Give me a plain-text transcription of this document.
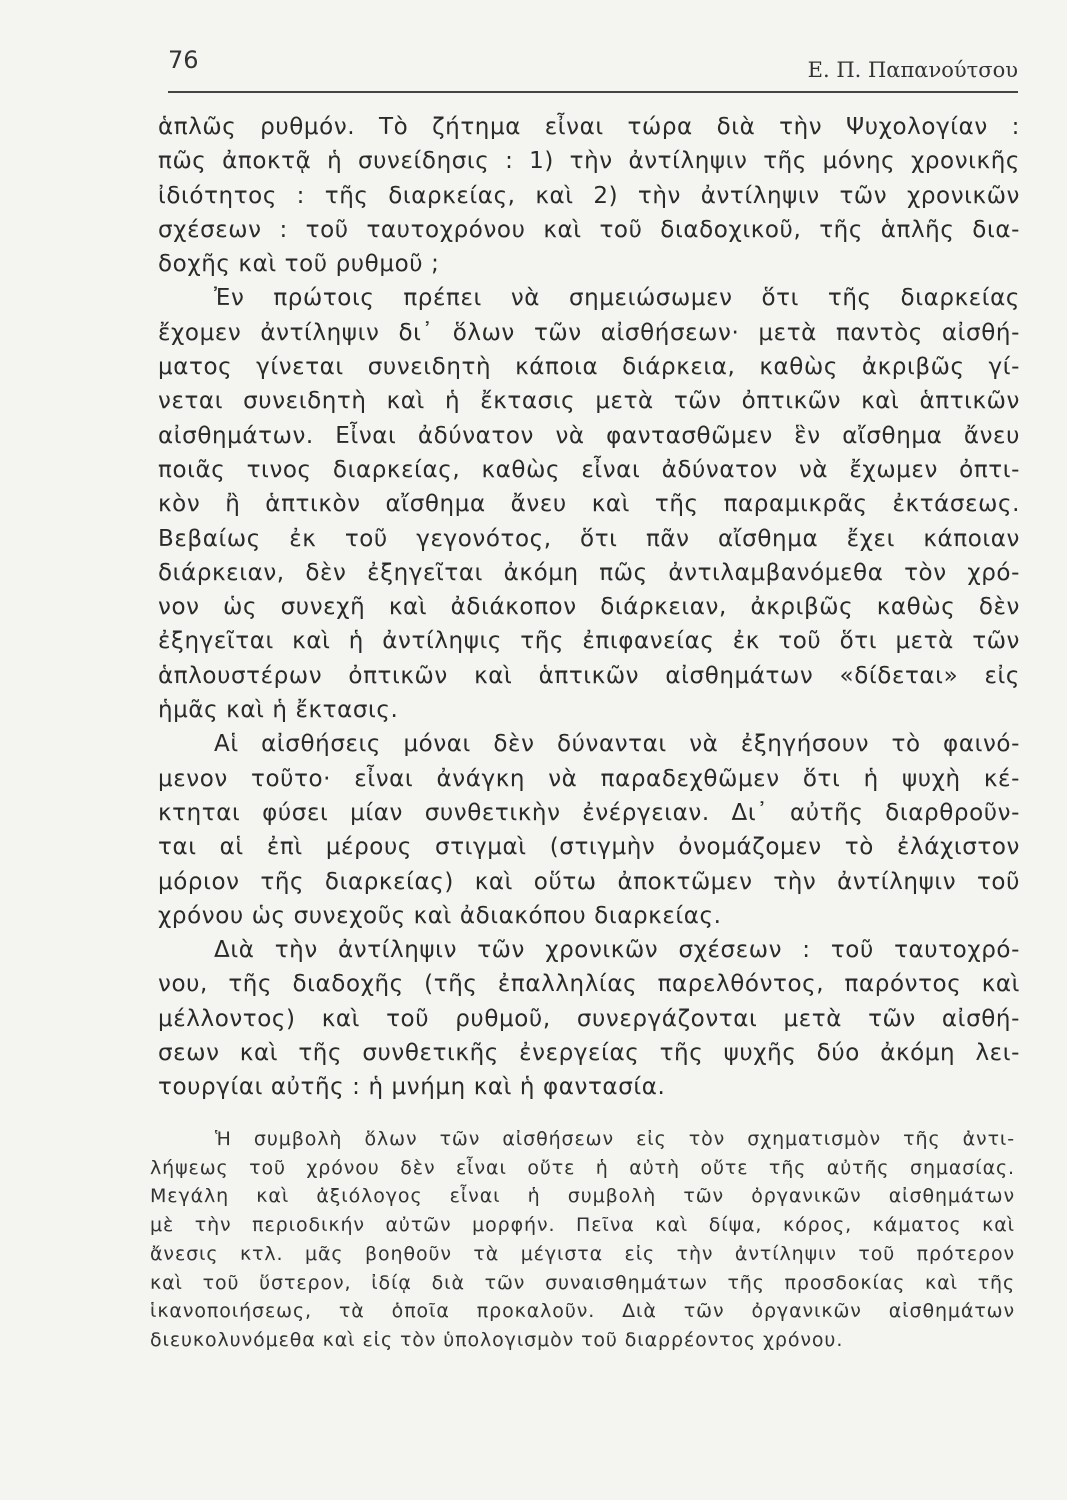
76	Ε. Π. Παπανούτσου
ἁπλῶς ρυθμόν. Τὸ ζήτημα εἶναι τώρα διὰ τὴν Ψυχολογίαν :
πῶς ἀποκτᾷ ἡ συνείδησις : 1) τὴν ἀντίληψιν τῆς μόνης χρονικῆς
ἰδιότητος : τῆς διαρκείας, καὶ 2) τὴν ἀντίληψιν τῶν χρονικῶν
σχέσεων : τοῦ ταυτοχρόνου καὶ τοῦ διαδοχικοῦ, τῆς ἁπλῆς δια-
δοχῆς καὶ τοῦ ρυθμοῦ ;
Ἐν πρώτοις πρέπει νὰ σημειώσωμεν ὅτι τῆς διαρκείας
ἔχομεν ἀντίληψιν δι᾽ ὅλων τῶν αἰσθήσεων· μετὰ παντὸς αἰσθή-
ματος γίνεται συνειδητὴ κάποια διάρκεια, καθὼς ἀκριβῶς γί-
νεται συνειδητὴ καὶ ἡ ἔκτασις μετὰ τῶν ὀπτικῶν καὶ ἁπτικῶν
αἰσθημάτων. Εἶναι ἀδύνατον νὰ φαντασθῶμεν ἓν αἴσθημα ἄνευ
ποιᾶς τινος διαρκείας, καθὼς εἶναι ἀδύνατον νὰ ἔχωμεν ὀπτι-
κὸν ἢ ἁπτικὸν αἴσθημα ἄνευ καὶ τῆς παραμικρᾶς ἐκτάσεως.
Βεβαίως ἐκ τοῦ γεγονότος, ὅτι πᾶν αἴσθημα ἔχει κάποιαν
διάρκειαν, δὲν ἐξηγεῖται ἀκόμη πῶς ἀντιλαμβανόμεθα τὸν χρό-
νον ὡς συνεχῆ καὶ ἀδιάκοπον διάρκειαν, ἀκριβῶς καθὼς δὲν
ἐξηγεῖται καὶ ἡ ἀντίληψις τῆς ἐπιφανείας ἐκ τοῦ ὅτι μετὰ τῶν
ἁπλουστέρων ὀπτικῶν καὶ ἁπτικῶν αἰσθημάτων «δίδεται» εἰς
ἡμᾶς καὶ ἡ ἔκτασις.
Αἱ αἰσθήσεις μόναι δὲν δύνανται νὰ ἐξηγήσουν τὸ φαινό-
μενον τοῦτο· εἶναι ἀνάγκη νὰ παραδεχθῶμεν ὅτι ἡ ψυχὴ κέ-
κτηται φύσει μίαν συνθετικὴν ἐνέργειαν. Δι᾽ αὐτῆς διαρθροῦν-
ται αἱ ἐπὶ μέρους στιγμαὶ (στιγμὴν ὀνομάζομεν τὸ ἐλάχιστον
μόριον τῆς διαρκείας) καὶ οὕτω ἀποκτῶμεν τὴν ἀντίληψιν τοῦ
χρόνου ὡς συνεχοῦς καὶ ἀδιακόπου διαρκείας.
Διὰ τὴν ἀντίληψιν τῶν χρονικῶν σχέσεων : τοῦ ταυτοχρό-
νου, τῆς διαδοχῆς (τῆς ἐπαλληλίας παρελθόντος, παρόντος καὶ
μέλλοντος) καὶ τοῦ ρυθμοῦ, συνεργάζονται μετὰ τῶν αἰσθή-
σεων καὶ τῆς συνθετικῆς ἐνεργείας τῆς ψυχῆς δύο ἀκόμη λει-
τουργίαι αὐτῆς : ἡ μνήμη καὶ ἡ φαντασία.
Ἡ συμβολὴ ὅλων τῶν αἰσθήσεων εἰς τὸν σχηματισμὸν τῆς ἀντι-
λήψεως τοῦ χρόνου δὲν εἶναι οὔτε ἡ αὐτὴ οὔτε τῆς αὐτῆς σημασίας.
Μεγάλη καὶ ἀξιόλογος εἶναι ἡ συμβολὴ τῶν ὀργανικῶν αἰσθημάτων
μὲ τὴν περιοδικήν αὐτῶν μορφήν. Πεῖνα καὶ δίψα, κόρος, κάματος καὶ
ἄνεσις κτλ. μᾶς βοηθοῦν τὰ μέγιστα εἰς τὴν ἀντίληψιν τοῦ πρότερον
καὶ τοῦ ὕστερον, ἰδίᾳ διὰ τῶν συναισθημάτων τῆς προσδοκίας καὶ τῆς
ἱκανοποιήσεως, τὰ ὁποῖα προκαλοῦν. Διὰ τῶν ὀργανικῶν αἰσθημάτων
διευκολυνόμεθα καὶ εἰς τὸν ὑπολογισμὸν τοῦ διαρρέοντος χρόνου.
